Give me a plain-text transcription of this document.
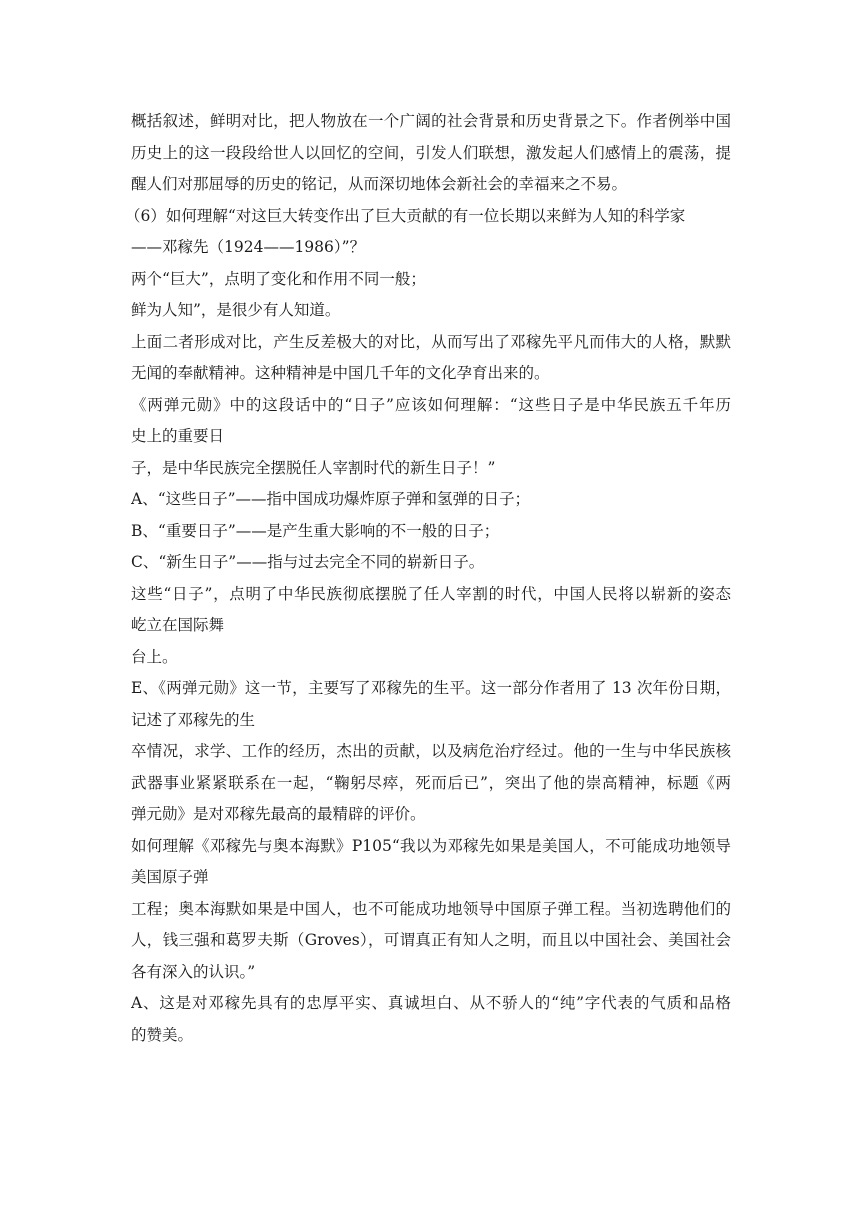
概括叙述，鲜明对比，把人物放在一个广阔的社会背景和历史背景之下。作者例举中国
历史上的这一段段给世人以回忆的空间，引发人们联想，激发起人们感情上的震荡，提
醒人们对那屈辱的历史的铭记，从而深切地体会新社会的幸福来之不易。
（6）如何理解“对这巨大转变作出了巨大贡献的有一位长期以来鲜为人知的科学家
——邓稼先（1924——1986）”？
两个“巨大”，点明了变化和作用不同一般；
鲜为人知”，是很少有人知道。
上面二者形成对比，产生反差极大的对比，从而写出了邓稼先平凡而伟大的人格，默默
无闻的奉献精神。这种精神是中国几千年的文化孕育出来的。
《两弹元勋》中的这段话中的“日子”应该如何理解：“这些日子是中华民族五千年历
史上的重要日
子，是中华民族完全摆脱任人宰割时代的新生日子！”
A、“这些日子”——指中国成功爆炸原子弹和氢弹的日子；
B、“重要日子”——是产生重大影响的不一般的日子；
C、“新生日子”——指与过去完全不同的崭新日子。
这些“日子”，点明了中华民族彻底摆脱了任人宰割的时代，中国人民将以崭新的姿态
屹立在国际舞
台上。
E、《两弹元勋》这一节，主要写了邓稼先的生平。这一部分作者用了 13 次年份日期，
记述了邓稼先的生
卒情况，求学、工作的经历，杰出的贡献，以及病危治疗经过。他的一生与中华民族核
武器事业紧紧联系在一起，“鞠躬尽瘁，死而后已”，突出了他的崇高精神，标题《两
弹元勋》是对邓稼先最高的最精辟的评价。
如何理解《邓稼先与奥本海默》P105“我以为邓稼先如果是美国人，不可能成功地领导
美国原子弹
工程；奥本海默如果是中国人，也不可能成功地领导中国原子弹工程。当初选聘他们的
人，钱三强和葛罗夫斯（Groves），可谓真正有知人之明，而且以中国社会、美国社会
各有深入的认识。”
A、这是对邓稼先具有的忠厚平实、真诚坦白、从不骄人的“纯”字代表的气质和品格
的赞美。
